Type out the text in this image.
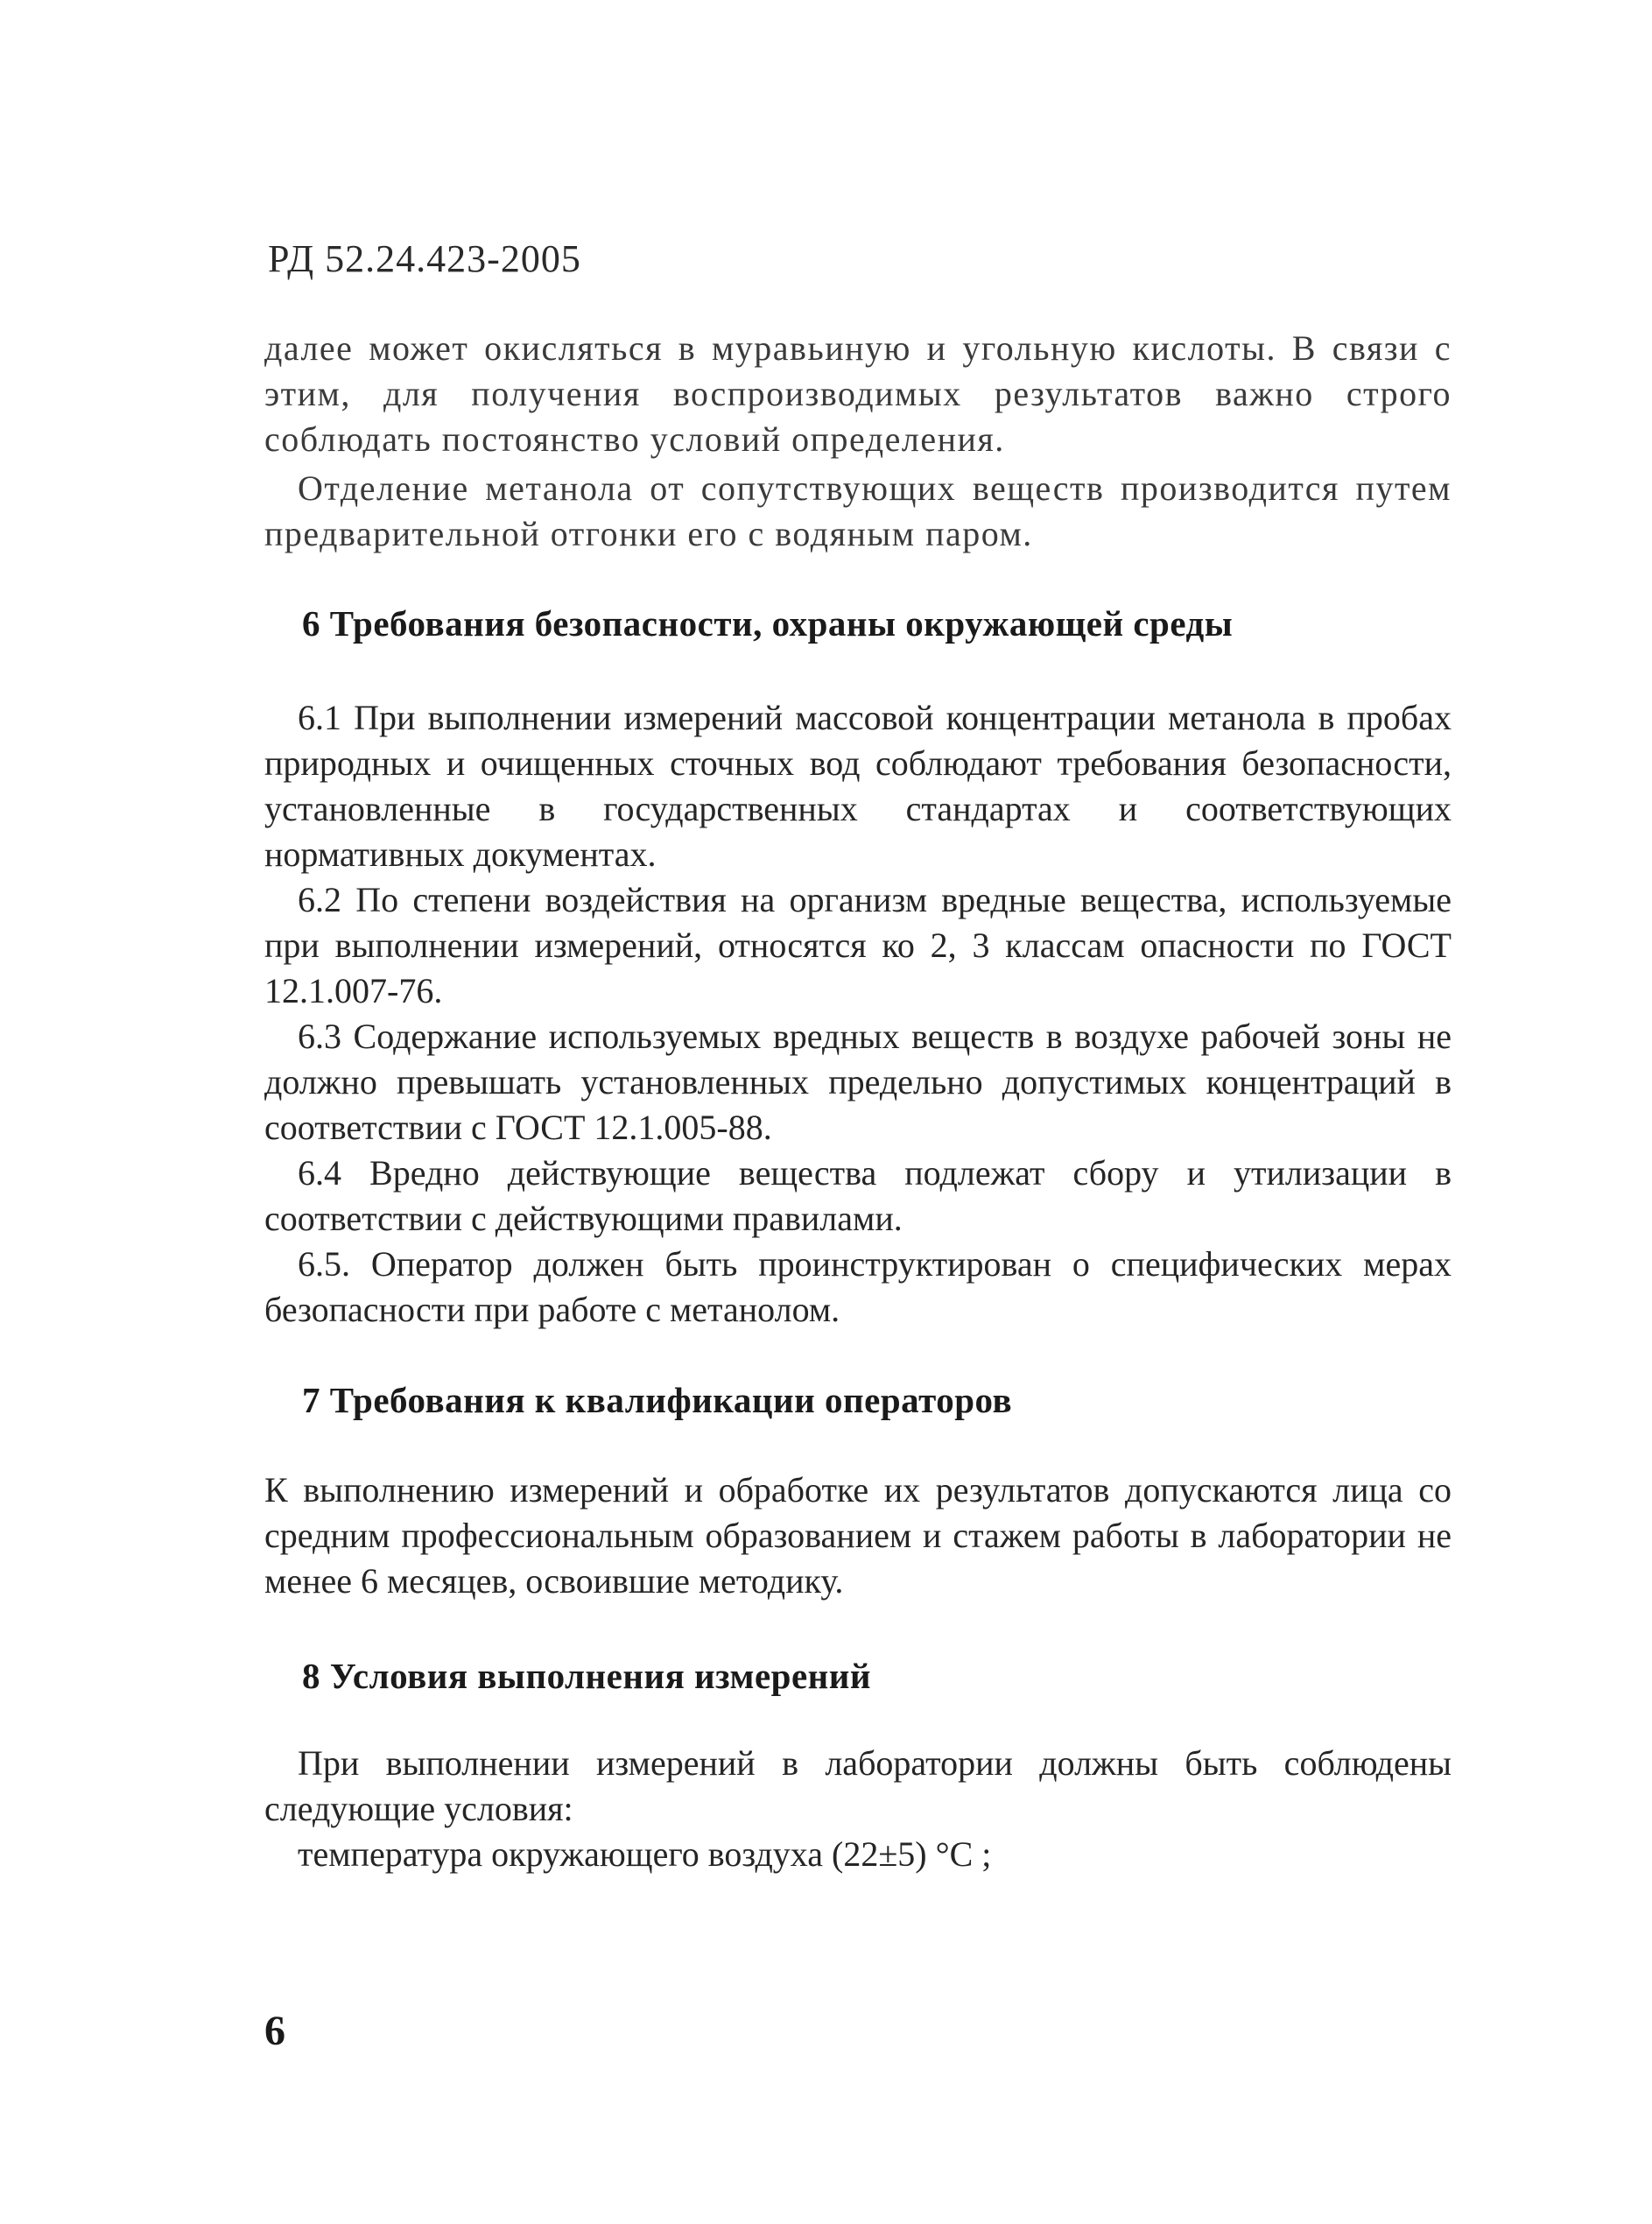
РД 52.24.423-2005

далее может окисляться в муравьиную и угольную кислоты. В связи с этим, для получения воспроизводимых результатов важно строго соблюдать постоянство условий определения.

Отделение метанола от сопутствующих веществ производится путем предварительной отгонки его с водяным паром.

6 Требования безопасности, охраны окружающей среды

6.1 При выполнении измерений массовой концентрации метанола в пробах природных и очищенных сточных вод соблюдают требования безопасности, установленные в государственных стандартах и соответствующих нормативных документах.

6.2 По степени воздействия на организм вредные вещества, используемые при выполнении измерений, относятся ко 2, 3 классам опасности по ГОСТ 12.1.007-76.

6.3 Содержание используемых вредных веществ в воздухе рабочей зоны не должно превышать установленных предельно допустимых концентраций в соответствии с ГОСТ 12.1.005-88.

6.4 Вредно действующие вещества подлежат сбору и утилизации в соответствии с действующими правилами.

6.5. Оператор должен быть проинструктирован о специфических мерах безопасности при работе с метанолом.

7 Требования к квалификации операторов

К выполнению измерений и обработке их результатов допускаются лица со средним профессиональным образованием и стажем работы в лаборатории не менее 6 месяцев, освоившие методику.

8 Условия выполнения измерений

При выполнении измерений в лаборатории должны быть соблюдены следующие условия:

температура окружающего воздуха (22±5) °С ;

6
